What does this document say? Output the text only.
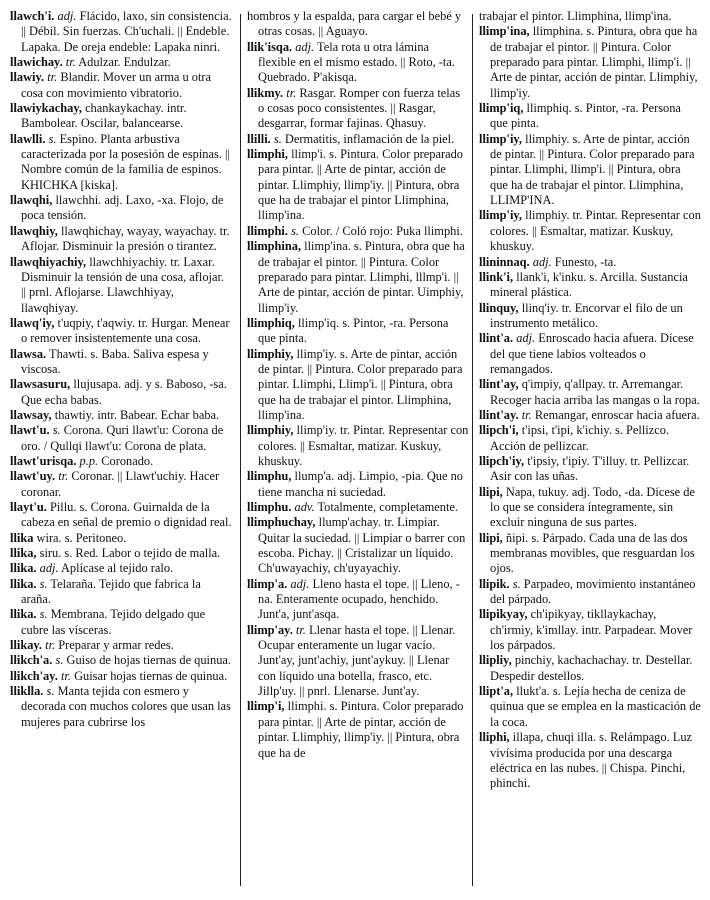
llawch'i. adj. Flácido, laxo, sin consistencia. || Débil. Sin fuerzas. Ch'uchali. || Endeble. Lapaka. De oreja endeble: Lapaka ninri.

llawichay. tr. Adulzar. Endulzar.

llawiy. tr. Blandir. Mover un arma u otra cosa con movimiento vibratorio.

llawiykachay, chankaykachay. intr. Bambolear. Oscilar, balancearse.

llawlli. s. Espino. Planta arbustiva caracterizada por la posesión de espinas. || Nombre común de la familia de espinos. KHICHKA [kiska].

llawqhi, llawchhi. adj. Laxo, -xa. Flojo, de poca tensión.

llawqhiy, llawqhichay, wayay, wayachay. tr. Aflojar. Disminuir la presión o tirantez.

llawqhiyachiy, llawchhiyachiy. tr. Laxar. Disminuir la tensión de una cosa, aflojar. || prnl. Aflojarse. Llawchhiyay, llawqhiyay.

llawq'iy, t'uqpiy, t'aqwiy. tr. Hurgar. Menear o remover insistentemente una cosa.

llawsa. Thawti. s. Baba. Saliva espesa y viscosa.

llawsasuru, llujusapa. adj. y s. Baboso, -sa. Que echa babas.

llawsay, thawtiy. intr. Babear. Echar baba.

llawt'u. s. Corona. Quri llawt'u: Corona de oro. / Qullqi llawt'u: Corona de plata.

llawt'urisqa. p.p. Coronado.

llawt'uy. tr. Coronar. || Llawt'uchiy. Hacer coronar.

llayt'u. Pillu. s. Corona. Guirnalda de la cabeza en señal de premio o dignidad real.

llika wira. s. Peritoneo.

llika, siru. s. Red. Labor o tejido de malla.

llika. adj. Aplícase al tejido ralo.

llika. s. Telaraña. Tejido que fabrica la araña.

llika. s. Membrana. Tejido delgado que cubre las vísceras.

llikay. tr. Preparar y armar redes.

llikch'a. s. Guiso de hojas tiernas de quinua.

llikch'ay. tr. Guisar hojas tiernas de quinua.

llikllа. s. Manta tejida con esmero y decorada con muchos colores que usan las mujeres para cubrirse los

hombros y la espalda, para cargar el bebé y otras cosas. || Aguayo.

llik'isqa. adj. Tela rota u otra lámina flexible en el mismo estado. || Roto, -ta. Quebrado. P'akisqa.

llikmy. tr. Rasgar. Romper con fuerza telas o cosas poco consistentes. || Rasgar, desgarrar, formar fajinas. Qhasuy.

llilli. s. Dermatitis, inflamación de la piel.

llimphi, llimp'i. s. Pintura. Color preparado para pintar. || Arte de pintar, acción de pintar. Llimphiy, llimp'iy. || Pintura, obra que ha de trabajar el pintor Llimphina, llimp'ina.

llimphi. s. Color. / Coló rojo: Puka llimphi.

llimphina, llimp'ina. s. Pintura, obra que ha de trabajar el pintor. || Pintura. Color preparado para pintar. Llimphi, lllmp'i. || Arte de pintar, acción de pintar. Uimphiy, llimp'iy.

llimphiq, llimp'iq. s. Pintor, -ra. Persona que pinta.

llimphiy, llimp'iy. s. Arte de pintar, acción de pintar. || Pintura. Color preparado para pintar. Llimphi, Llimp'i. || Pintura, obra que ha de trabajar el pintor. Llimphina, llimp'ina.

llimphiy, llimp'iy. tr. Pintar. Representar con colores. || Esmaltar, matizar. Kuskuy, khuskuy.

llimphu, llump'a. adj. Limpio, -pia. Que no tiene mancha ni suciedad.

llimphu. adv. Totalmente, completamente.

llimphuchay, llump'achay. tr. Limpiar. Quitar la suciedad. || Limpiar o barrer con escoba. Pichay. || Cristalizar un líquido. Ch'uwayachiy, ch'uyayachiy.

llimp'a. adj. Lleno hasta el tope. || Lleno, -na. Enteramente ocupado, henchido. Junt'a, junt'asqa.

llimp'ay. tr. Llenar hasta el tope. || Llenar. Ocupar enteramente un lugar vacío. Junt'ay, junt'achiy, junt'aykuy. || Llenar con líquido una botella, frasco, etc. Jillp'uy. || pnrl. Llenarse. Junt'ay.

llimp'i, llimphi. s. Pintura. Color preparado para pintar. || Arte de pintar, acción de pintar. Llimphiy, llimp'iy. || Pintura, obra que ha de

trabajar el pintor. Llimphina, llimp'ina.

llimp'ina, llimphina. s. Pintura, obra que ha de trabajar el pintor. || Pintura. Color preparado para pintar. Llimphi, llimp'i. || Arte de pintar, acción de pintar. Llimphiy, llimp'iy.

llimp'iq, llimphiq. s. Pintor, -ra. Persona que pinta.

llimp'iy, llimphiy. s. Arte de pintar, acción de pintar. || Pintura. Color preparado para pintar. Llimphi, llimp'i. || Pintura, obra que ha de trabajar el pintor. Llimphina, LLIMP'INA.

llimp'iy, llimphiy. tr. Pintar. Representar con colores. || Esmaltar, matizar. Kuskuy, khuskuy.

llininnaq. adj. Funesto, -ta.

llink'i, llank'i, k'inku. s. Arcilla. Sustancia mineral plástica.

llinquy, llinq'iy. tr. Encorvar el filo de un instrumento metálico.

llint'a. adj. Enroscado hacia afuera. Dícese del que tiene labios volteados o remangados.

llint'ay, q'impiy, q'allpay. tr. Arremangar. Recoger hacia arriba las mangas o la ropa.

llint'ay. tr. Remangar, enroscar hacia afuera.

llipch'i, t'ipsi, t'ipi, k'ichiy. s. Pellizco. Acción de pellizcar.

llipch'iy, t'ipsiy, t'ipiy. T'illuy. tr. Pellizcar. Asir con las uñas.

llipi, Napa, tukuy. adj. Todo, -da. Dícese de lo que se considera íntegramente, sin excluir ninguna de sus partes.

llipi, ñipi. s. Párpado. Cada una de las dos membranas movibles, que resguardan los ojos.

llipik. s. Parpadeo, movimiento instantáneo del párpado.

llipikyay, ch'ipikyay, tikllaykachay, ch'irmiy, k'imllay. intr. Parpadear. Mover los párpados.

llipliy, pinchiy, kachachachay. tr. Destellar. Despedir destellos.

llipt'a, llukt'a. s. Lejía hecha de ceniza de quinua que se emplea en la masticación de la coca.

lliphi, illapa, chuqi illa. s. Relámpago. Luz vivísima producida por una descarga eléctrica en las nubes. || Chispa. Pinchi, phinchi.
